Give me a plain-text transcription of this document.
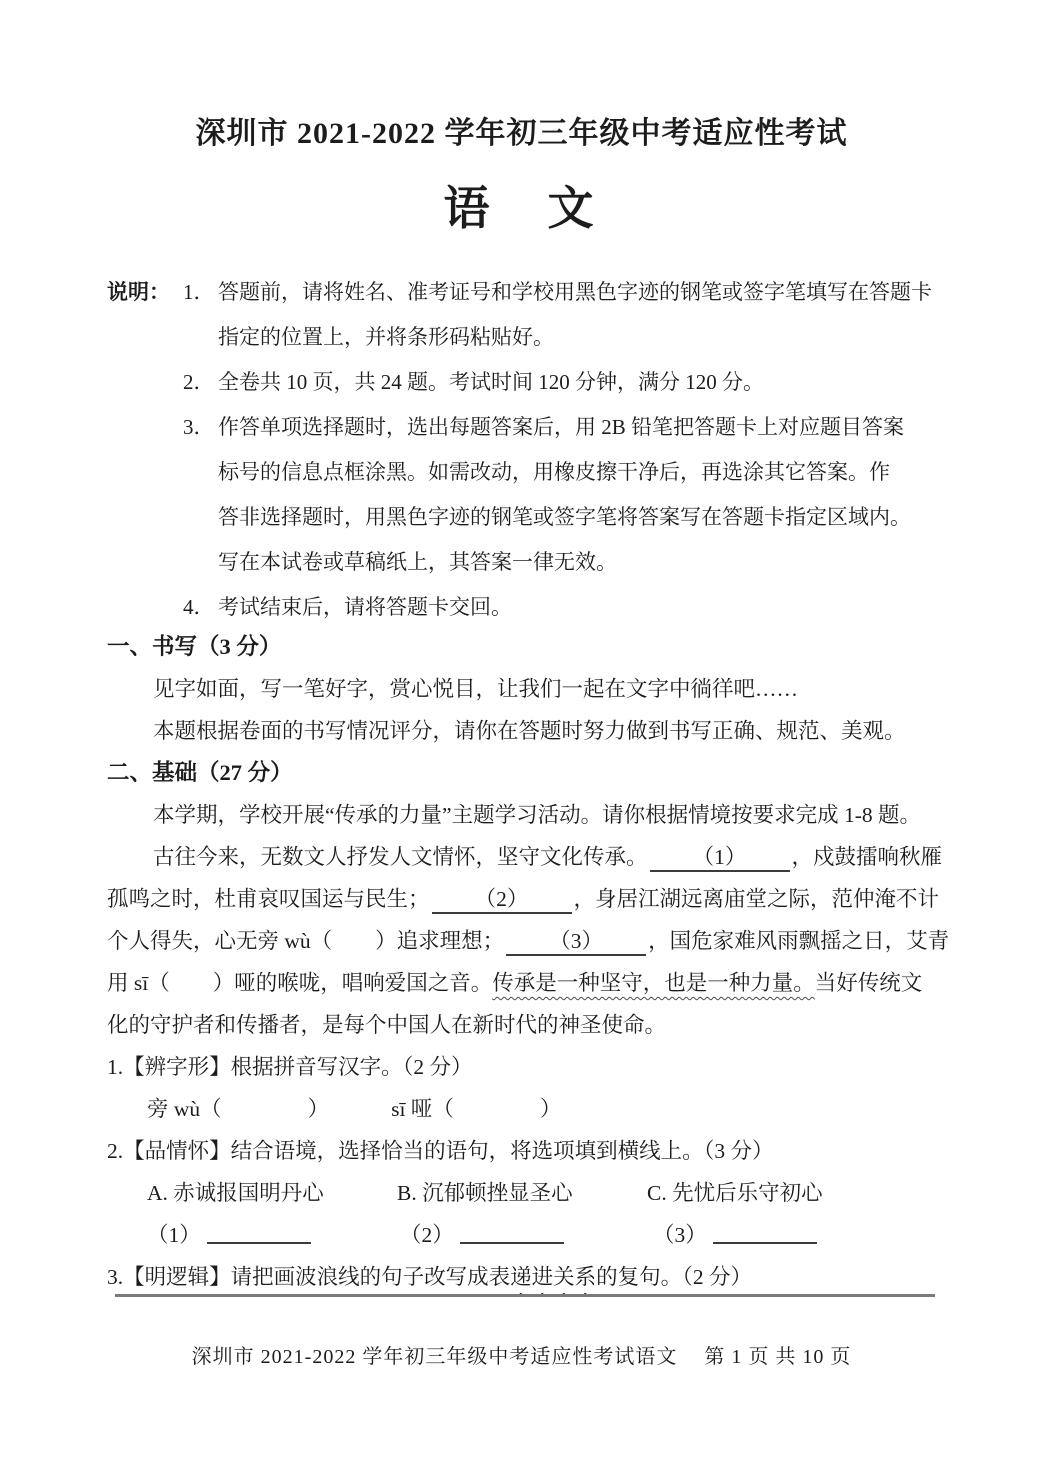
深圳市 2021-2022 学年初三年级中考适应性考试
语　文
说明： 1． 答题前，请将姓名、准考证号和学校用黑色字迹的钢笔或签字笔填写在答题卡
指定的位置上，并将条形码粘贴好。
2． 全卷共 10 页，共 24 题。考试时间 120 分钟，满分 120 分。
3． 作答单项选择题时，选出每题答案后，用 2B 铅笔把答题卡上对应题目答案
标号的信息点框涂黑。如需改动，用橡皮擦干净后，再选涂其它答案。作
答非选择题时，用黑色字迹的钢笔或签字笔将答案写在答题卡指定区域内。
写在本试卷或草稿纸上，其答案一律无效。
4． 考试结束后，请将答题卡交回。
一、书写（3 分）
见字如面，写一笔好字，赏心悦目，让我们一起在文字中徜徉吧……
本题根据卷面的书写情况评分，请你在答题时努力做到书写正确、规范、美观。
二、基础（27 分）
本学期，学校开展“传承的力量”主题学习活动。请你根据情境按要求完成 1-8 题。
古往今来，无数文人抒发人文情怀，坚守文化传承。 （1） ，戍鼓擂响秋雁
孤鸣之时，杜甫哀叹国运与民生； （2） ，身居江湖远离庙堂之际，范仲淹不计
个人得失，心无旁 wù（　　）追求理想； （3） ，国危家难风雨飘摇之日，艾青
用 sī（　　）哑的喉咙，唱响爱国之音。传承是一种坚守，也是一种力量。当好传统文
化的守护者和传播者，是每个中国人在新时代的神圣使命。
1.【辨字形】根据拼音写汉字。（2 分）
旁 wù（　　　　）	sī 哑（　　　　）
2.【品情怀】结合语境，选择恰当的语句，将选项填到横线上。（3 分）
A. 赤诚报国明丹心	B. 沉郁顿挫显圣心	C. 先忧后乐守初心
（1）	（2）	（3）
3.【明逻辑】请把画波浪线的句子改写成表递进关系的复句。（2 分）
深圳市 2021-2022 学年初三年级中考适应性考试语文　 第 1 页 共 10 页
